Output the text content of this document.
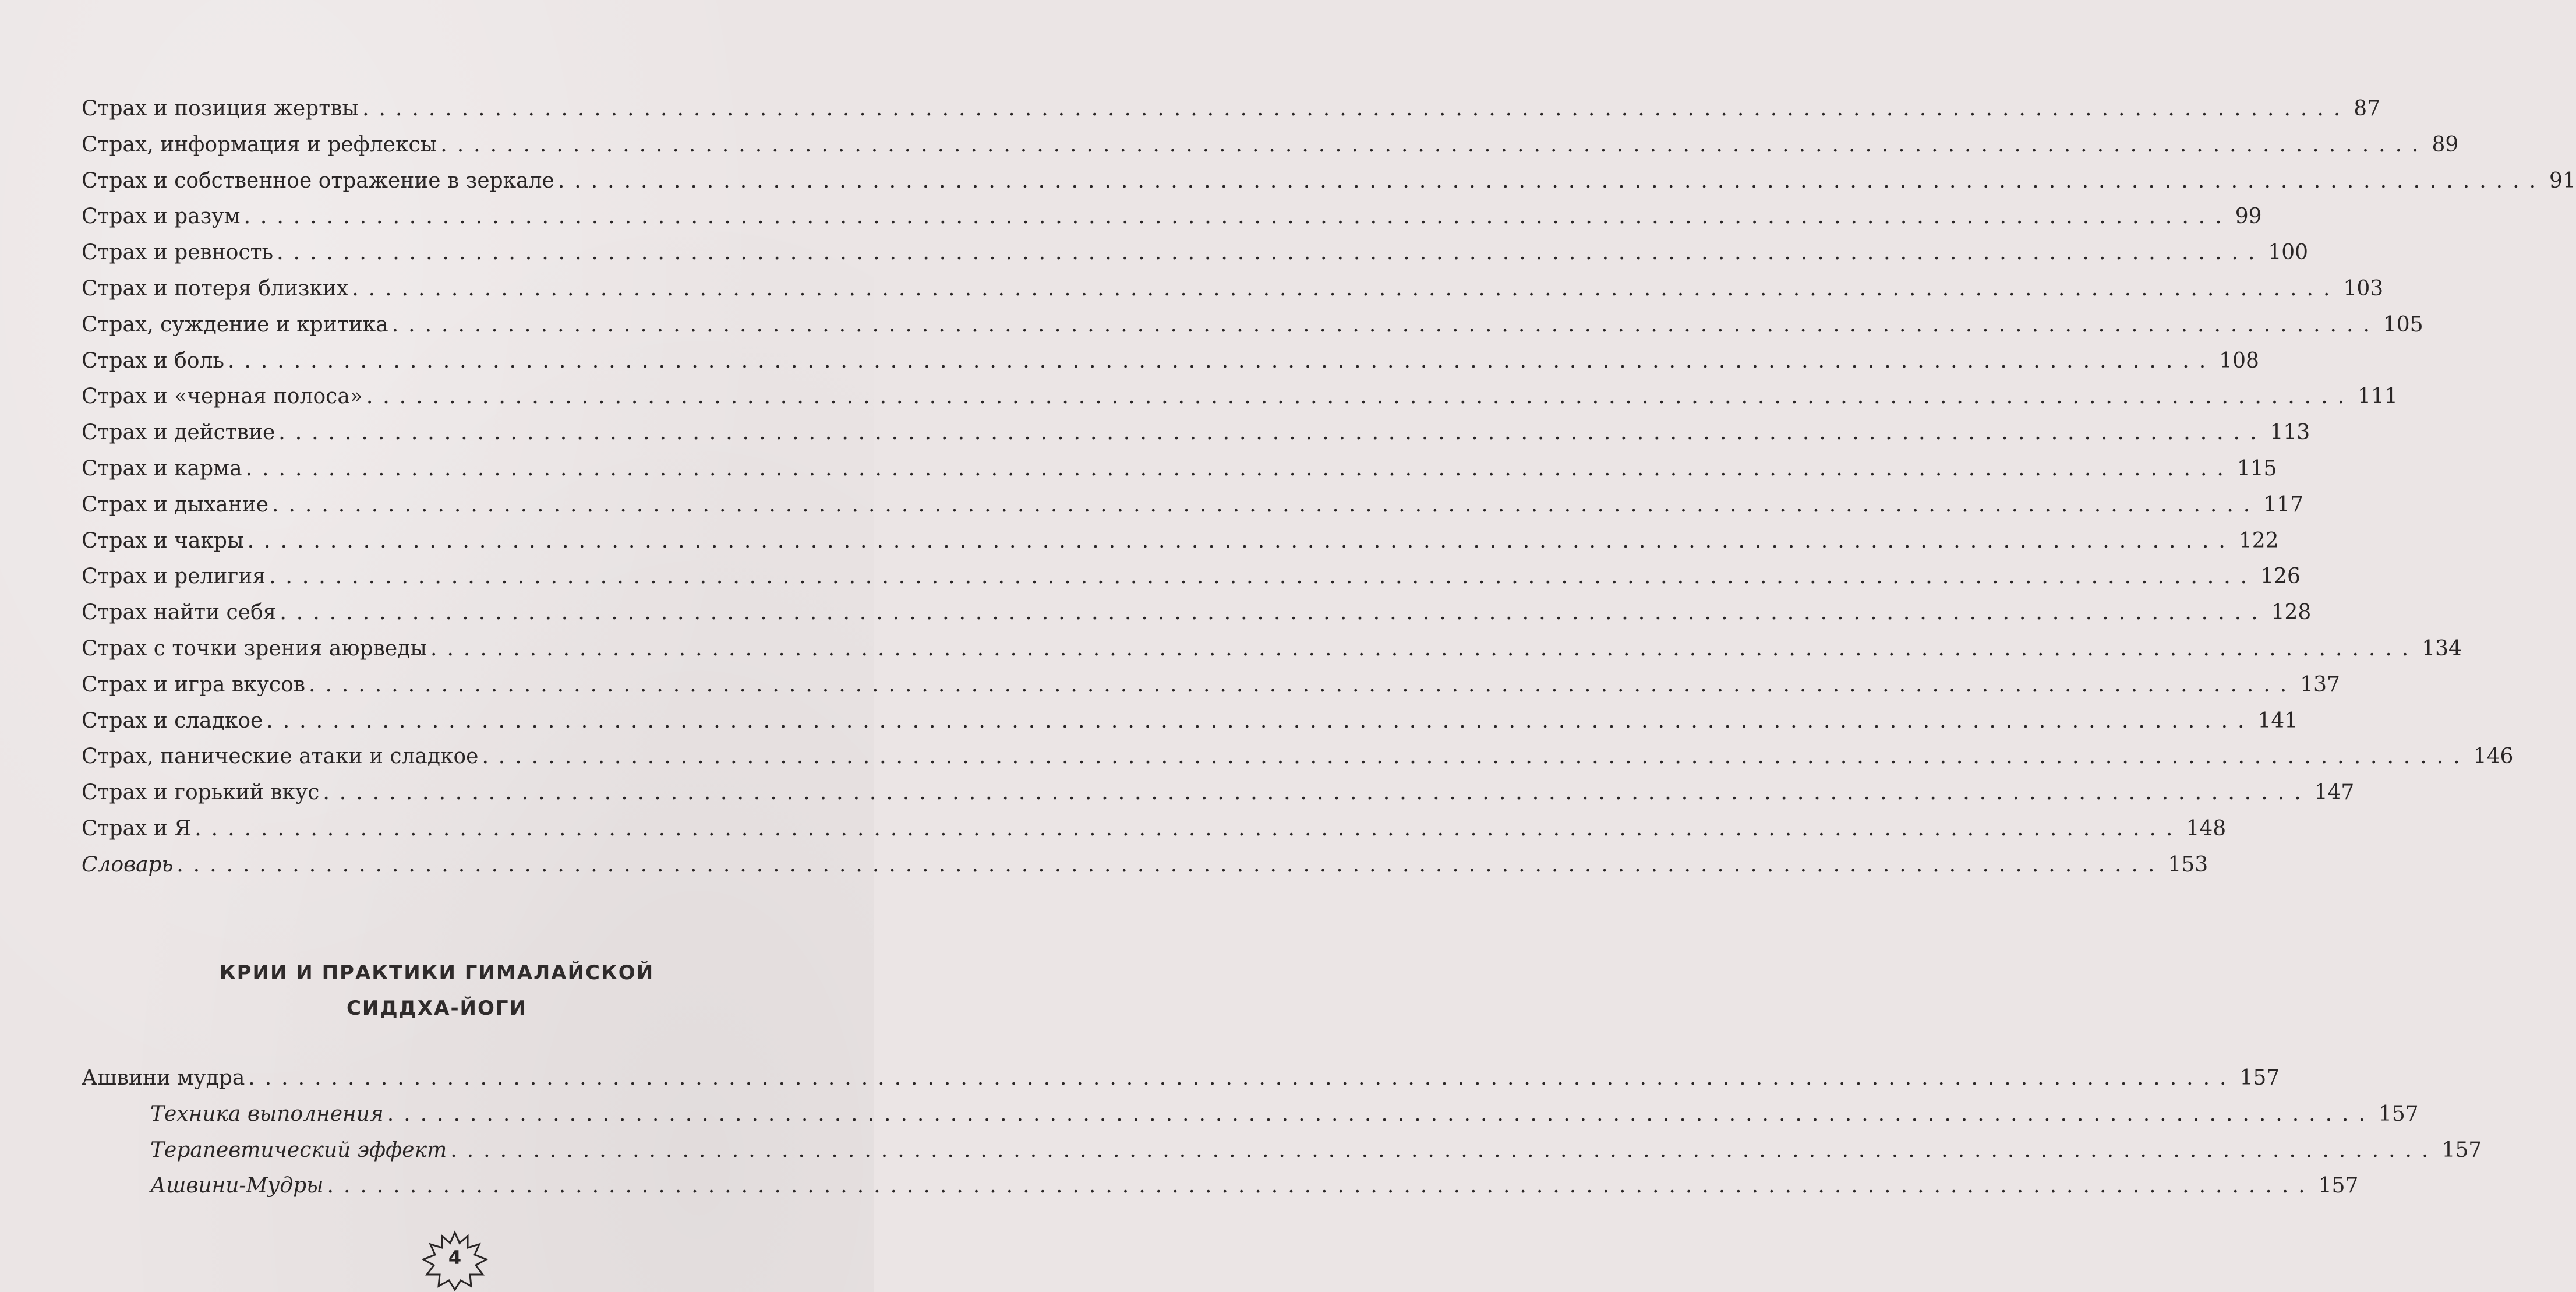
Страх и позиция жертвы ........................................................................................................................ 87
Страх, информация и рефлексы ........................................................................................................................ 89
Страх и собственное отражение в зеркале ........................................................................................................................ 91
Страх и разум ........................................................................................................................ 99
Страх и ревность ........................................................................................................................ 100
Страх и потеря близких ........................................................................................................................ 103
Страх, суждение и критика ........................................................................................................................ 105
Страх и боль ........................................................................................................................ 108
Страх и «черная полоса» ........................................................................................................................ 111
Страх и действие ........................................................................................................................ 113
Страх и карма ........................................................................................................................ 115
Страх и дыхание ........................................................................................................................ 117
Страх и чакры ........................................................................................................................ 122
Страх и религия ........................................................................................................................ 126
Страх найти себя ........................................................................................................................ 128
Страх с точки зрения аюрведы ........................................................................................................................ 134
Страх и игра вкусов ........................................................................................................................ 137
Страх и сладкое ........................................................................................................................ 141
Страх, панические атаки и сладкое ........................................................................................................................ 146
Страх и горький вкус ........................................................................................................................ 147
Страх и Я ........................................................................................................................ 148
Словарь ........................................................................................................................ 153
КРИИ И ПРАКТИКИ ГИМАЛАЙСКОЙ
СИДДХА-ЙОГИ
Ашвини мудра ........................................................................................................................ 157
Техника выполнения ........................................................................................................................ 157
Терапевтический эффект ........................................................................................................................ 157
Ашвини-Мудры ........................................................................................................................ 157
4
